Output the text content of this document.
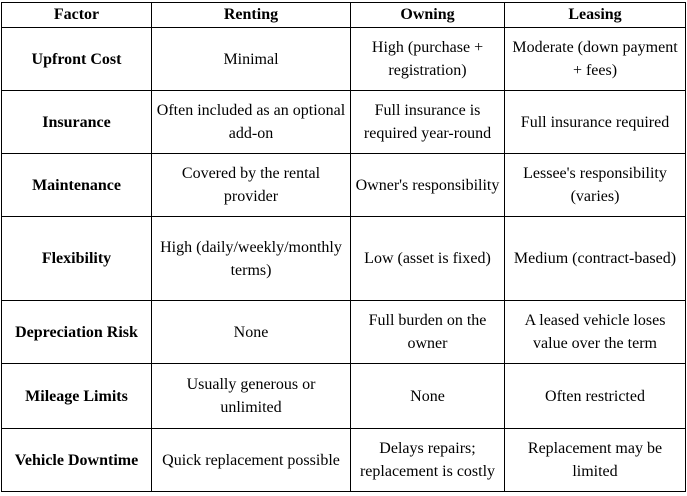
Factor	Renting	Owning	Leasing
Upfront Cost	Minimal	High (purchase + registration)	Moderate (down payment + fees)
Insurance	Often included as an optional add-on	Full insurance is required year-round	Full insurance required
Maintenance	Covered by the rental provider	Owner's responsibility	Lessee's responsibility (varies)
Flexibility	High (daily/weekly/monthly terms)	Low (asset is fixed)	Medium (contract-based)
Depreciation Risk	None	Full burden on the owner	A leased vehicle loses value over the term
Mileage Limits	Usually generous or unlimited	None	Often restricted
Vehicle Downtime	Quick replacement possible	Delays repairs; replacement is costly	Replacement may be limited
